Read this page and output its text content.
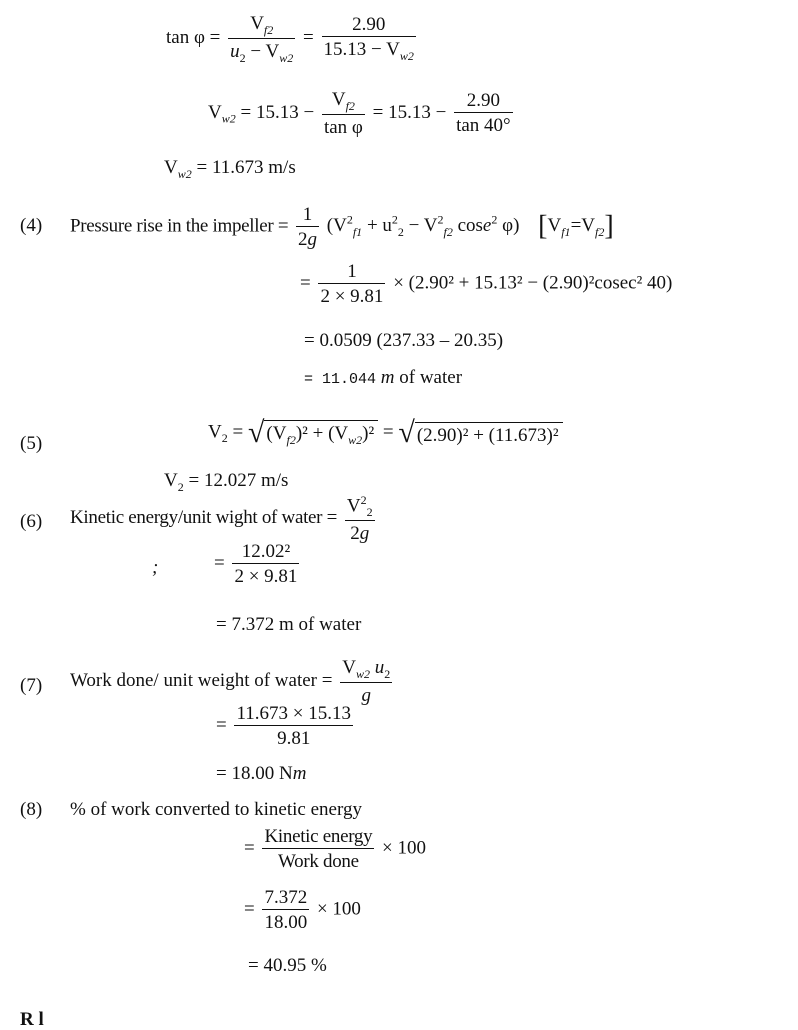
$\tan \varphi = \frac{V_{f2}}{u_2 - V_{w2}} = \frac{2.90}{15.13 - V_{w2}}$
$V_{w2} = 15.13 - \frac{V_{f2}}{\text{tan φ}} = 15.13 - \frac{2.90}{\tan 40^\circ}$
$V_{w2} = 11.673$ m/s
(4) Pressure rise in the impeller = $\frac{1}{2g} (V^2_{f1} + u^2_2 - V^2_{f2}$ cose$^2$ φ) $[V_{f1}=V_{f2}]$
= $\frac{1}{2 \times 9.81} \times (2.90^2 + 15.13^2 - (2.90)^2cosec^2$ 40)
= 0.0509 (237.33 – 20.35)
= 11.044 m of water
(5)
$V_2$ = √ $(V_{f2})^2 + (V_{w2})^2$ = √ (2.90)² + (11.673)²
$V_2 = 12.027$ m/s
(6) Kinetic energy/unit wight of water = $\frac{V^2_2}{2g}$
;	= $\frac{\text{12.02²}}{2 \times 9.81}$
= 7.372 m of water
(7) Work done/ unit weight of water = $\frac{V_{w2} u_2}{g}$
= $\frac{11.673 \times 15.13}{9.81}$
= 18.00 Nm
(8) % of work converted to kinetic energy
= $\frac{\text{Kinetic energy}}{\text{Work done}} \times 100$
= $\frac{7.372}{18.00} \times 100$
= 40.95 %
R l
